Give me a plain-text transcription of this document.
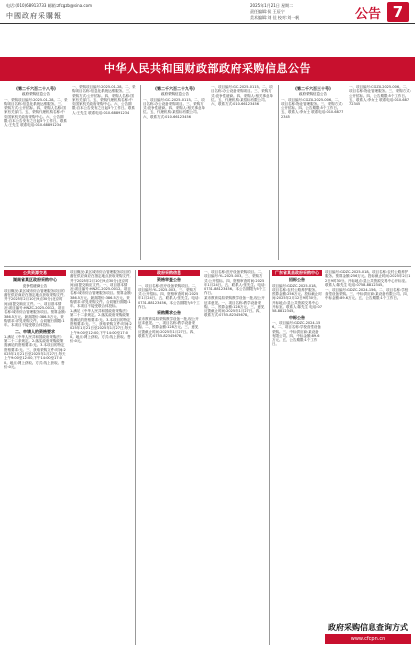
电话:(010)68913733 邮箱:zfcgzb@sina.com
中國政府采購報
2025年1月21日 星期二
责任编辑:侯 王辰宁
美术编辑:刘 佳 校对:刘一帆	公告 7
中华人民共和国财政部政府采购信息公告
(第二千六百二十八号)
政府采购信息公告

一、采购项目编号:2025-01-28。二、采购项目名称:信息化系统运维服务。三、采购方式:公开招标。四、采购人名称:国家有关部门。五、采购代理机构名称:中央国家机关政府采购中心。六、公告期限:自本公告发布之日起5个工作日。联系人:王先生 联系电话:010-68891234

一、采购项目编号:2025-01-28。二、采购项目名称:信息化系统运维服务。三、采购方式:公开招标。四、采购人名称:国家有关部门。五、采购代理机构名称:中央国家机关政府采购中心。六、公告期限:自本公告发布之日起5个工作日。联系人:王先生 联系电话:010-68891234

(第二千六百二十九号)
政府采购信息公告

一、项目编号:GC-2025-0115。二、项目名称:办公设备采购项目。三、采购方式:竞争性磋商。四、采购人:相关事业单位。五、代理机构:某招标有限公司。六、联系方式:010-66123456

一、项目编号:GC-2025-0115。二、项目名称:办公设备采购项目。三、采购方式:竞争性磋商。四、采购人:相关事业单位。五、代理机构:某招标有限公司。六、联系方式:010-66123456

(第二千六百三十号)
政府采购信息公告

一、项目编号:CGZX-2025-006。二、项目名称:物业管理服务。三、采购方式:公开招标。四、公告期限:5个工作日。五、联系人:李女士 联系电话:010-68772345

一、项目编号:CGZX-2025-006。二、项目名称:物业管理服务。三、采购方式:公开招标。四、公告期限:5个工作日。五、联系人:李女士 联系电话:010-68772345

公共资源交易
湖南省某区政府采购中心
竞争性磋商公告

项目概况:某区城市综合管理服务项目的潜在供应商应在指定地点获取采购文件,并于2025年2月10日9点30分(北京时间)前提交响应文件。一、项目基本情况:项目编号:HNZC-2025-0012。项目名称:城市综合管理服务项目。预算金额:386.5万元。最高限价:386.5万元。采购需求:详见采购文件。合同履行期限:1年。本项目不接受联合体投标。

二、申请人的资格要求

1.满足《中华人民共和国政府采购法》第二十二条规定。2.落实政府采购政策需满足的资格要求:无。3.本项目的特定资格要求:无。三、获取采购文件:时间:2025年1月21日至2025年1月27日,每天上午9:00至12:00,下午14:00至17:00。地点:网上获取。方式:线上获取。售价:0元。

项目概况:某区城市综合管理服务项目的潜在供应商应在指定地点获取采购文件,并于2025年2月10日9点30分(北京时间)前提交响应文件。一、项目基本情况:项目编号:HNZC-2025-0012。项目名称:城市综合管理服务项目。预算金额:386.5万元。最高限价:386.5万元。采购需求:详见采购文件。合同履行期限:1年。本项目不接受联合体投标。

1.满足《中华人民共和国政府采购法》第二十二条规定。2.落实政府采购政策需满足的资格要求:无。3.本项目的特定资格要求:无。三、获取采购文件:时间:2025年1月21日至2025年1月27日,每天上午9:00至12:00,下午14:00至17:00。地点:网上获取。方式:线上获取。售价:0元。

政府采购信息
资格审查公告

一、项目名称:医疗设备采购项目。二、项目编号:YL-2025-003。三、采购方式:公开招标。四、资格审查时间:2025年1月24日。五、联系人:张先生。电话:0731-88123456。本公告期限为5个工作日。

采购需求公告

某市教育局拟采购教学设备一批,现公开征求意见。一、项目名称:教学设备采购。二、预算金额:128万元。三、意见反馈截止时间:2025年1月27日。四、联系方式:0755-82345678。

一、项目名称:医疗设备采购项目。二、项目编号:YL-2025-003。三、采购方式:公开招标。四、资格审查时间:2025年1月24日。五、联系人:张先生。电话:0731-88123456。本公告期限为5个工作日。

某市教育局拟采购教学设备一批,现公开征求意见。一、项目名称:教学设备采购。二、预算金额:128万元。三、意见反馈截止时间:2025年1月27日。四、联系方式:0755-82345678。

广东省某县政府采购中心
招标公告

项目编号:GDZC-2025-018。项目名称:农村公路养护服务。预算金额:256万元。投标截止时间:2025年2月12日9时30分。开标地点:县公共资源交易中心开标室。联系人:陈先生 电话:0758-8812345。

中标公告

一、项目编号:GDZC-2024-156。二、项目名称:学校食堂设备采购。三、中标供应商:某设备有限公司。四、中标金额:89.6万元。五、公告期限:1个工作日。

项目编号:GDZC-2025-018。项目名称:农村公路养护服务。预算金额:256万元。投标截止时间:2025年2月12日9时30分。开标地点:县公共资源交易中心开标室。联系人:陈先生 电话:0758-8812345。

一、项目编号:GDZC-2024-156。二、项目名称:学校食堂设备采购。三、中标供应商:某设备有限公司。四、中标金额:89.6万元。五、公告期限:1个工作日。

政府采购信息查询方式
www.cfcpn.cn
